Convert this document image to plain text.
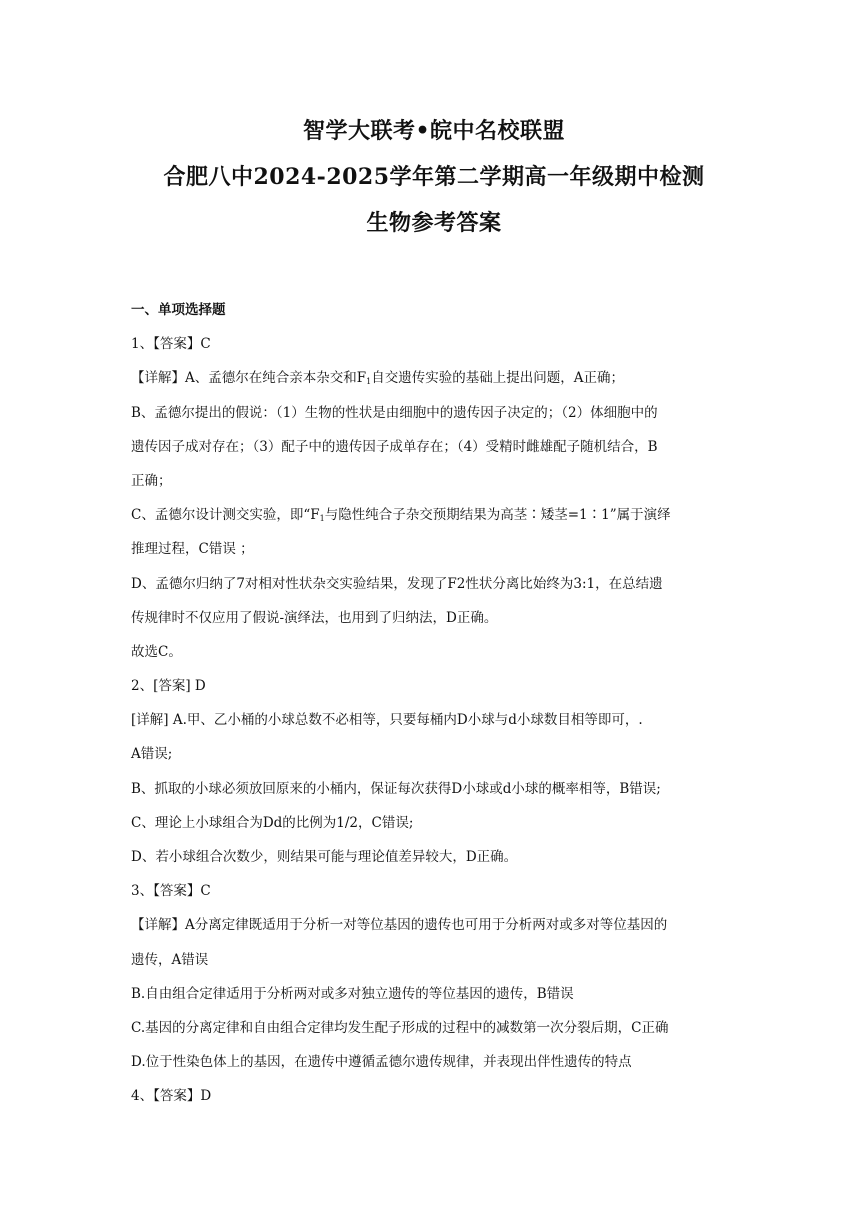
智学大联考•皖中名校联盟
合肥八中2024-2025学年第二学期高一年级期中检测
生物参考答案
一、单项选择题
1、【答案】C
【详解】A、孟德尔在纯合亲本杂交和$F_1$自交遗传实验的基础上提出问题，A正确；
B、孟德尔提出的假说：（1）生物的性状是由细胞中的遗传因子决定的；（2）体细胞中的
遗传因子成对存在；（3）配子中的遗传因子成单存在；（4）受精时雌雄配子随机结合，B
正确；
C、孟德尔设计测交实验，即“$F_1$与隐性纯合子杂交预期结果为高茎∶矮茎=1∶1”属于演绎
推理过程，C错误 ；
D、孟德尔归纳了7对相对性状杂交实验结果，发现了F2性状分离比始终为3:1，在总结遗
传规律时不仅应用了假说-演绎法，也用到了归纳法，D正确。
故选C。
2、[答案] D
[详解] A.甲、乙小桶的小球总数不必相等，只要每桶内D小球与d小球数目相等即可，.
A错误;
B、抓取的小球必须放回原来的小桶内，保证每次获得D小球或d小球的概率相等，B错误;
C、理论上小球组合为Dd的比例为1/2，C错误;
D、若小球组合次数少，则结果可能与理论值差异较大，D正确。
3、【答案】C
【详解】A分离定律既适用于分析一对等位基因的遗传也可用于分析两对或多对等位基因的
遗传，A错误
B.自由组合定律适用于分析两对或多对独立遗传的等位基因的遗传，B错误
C.基因的分离定律和自由组合定律均发生配子形成的过程中的减数第一次分裂后期，C正确
D.位于性染色体上的基因，在遗传中遵循孟德尔遗传规律，并表现出伴性遗传的特点
4、【答案】D
